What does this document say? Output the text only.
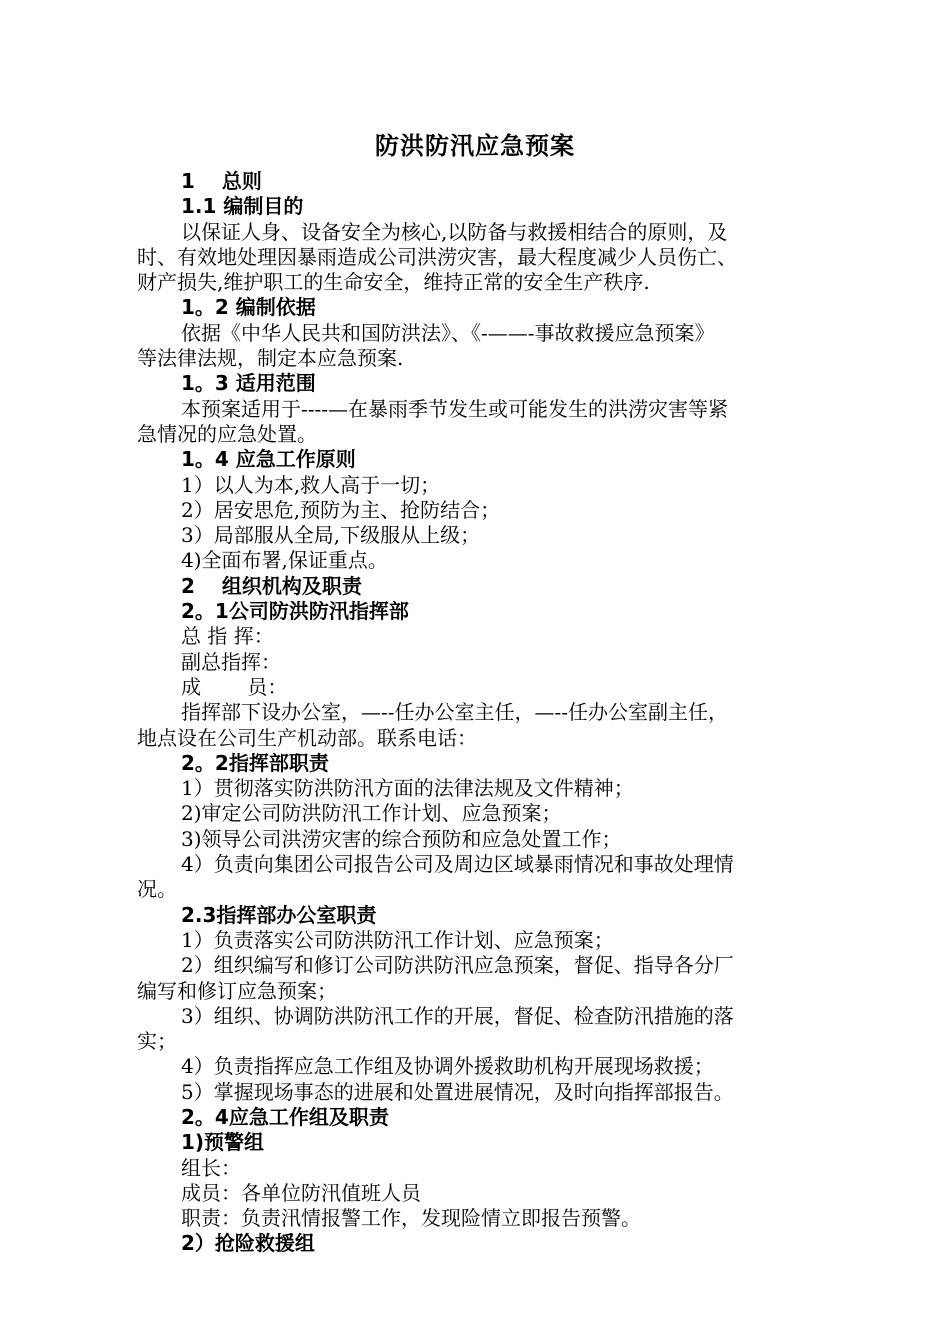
防洪防汛应急预案
1　 总则
1.1 编制目的
以保证人身、设备安全为核心,以防备与救援相结合的原则，及
时、有效地处理因暴雨造成公司洪涝灾害，最大程度减少人员伤亡、
财产损失,维护职工的生命安全，维持正常的安全生产秩序.
1。2 编制依据
依据《中华人民共和国防洪法》、《-——-事故救援应急预案》
等法律法规，制定本应急预案.
1。3 适用范围
本预案适用于----—在暴雨季节发生或可能发生的洪涝灾害等紧
急情况的应急处置。
1。4 应急工作原则
1）以人为本,救人高于一切；
2）居安思危,预防为主、抢防结合；
3）局部服从全局,下级服从上级；
4)全面布署,保证重点。
2　 组织机构及职责
2。1公司防洪防汛指挥部
总 指 挥：
副总指挥：
成　　 员：
指挥部下设办公室，—--任办公室主任，—--任办公室副主任，
地点设在公司生产机动部。联系电话：
2。2指挥部职责
1）贯彻落实防洪防汛方面的法律法规及文件精神；
2)审定公司防洪防汛工作计划、应急预案；
3)领导公司洪涝灾害的综合预防和应急处置工作；
4）负责向集团公司报告公司及周边区域暴雨情况和事故处理情
况。
2.3指挥部办公室职责
1）负责落实公司防洪防汛工作计划、应急预案；
2）组织编写和修订公司防洪防汛应急预案，督促、指导各分厂
编写和修订应急预案；
3）组织、协调防洪防汛工作的开展，督促、检查防汛措施的落
实；
4）负责指挥应急工作组及协调外援救助机构开展现场救援；
5）掌握现场事态的进展和处置进展情况，及时向指挥部报告。
2。4应急工作组及职责
1)预警组
组长：
成员：各单位防汛值班人员
职责：负责汛情报警工作，发现险情立即报告预警。
2）抢险救援组
